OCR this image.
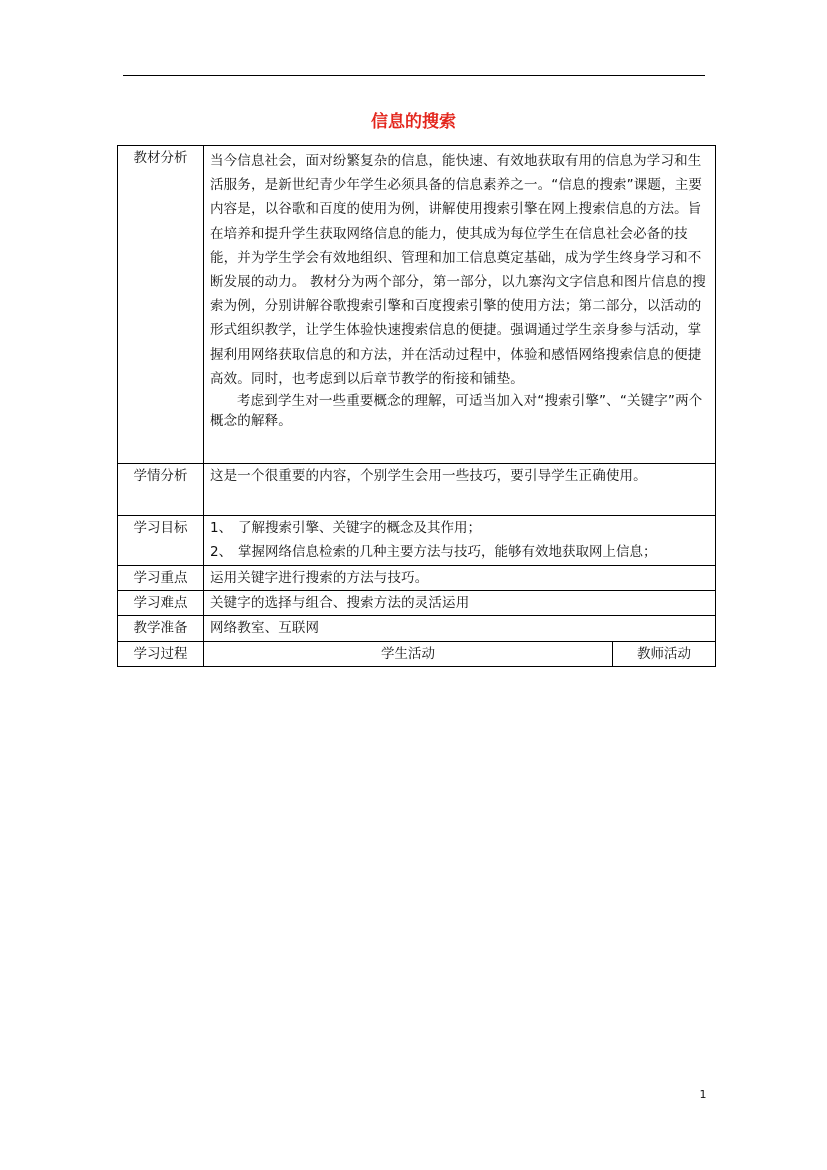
信息的搜索
教材分析	当今信息社会，面对纷繁复杂的信息，能快速、有效地获取有用的信息为学习和生活服务，是新世纪青少年学生必须具备的信息素养之一。“信息的搜索”课题，主要内容是，以谷歌和百度的使用为例，讲解使用搜索引擎在网上搜索信息的方法。旨在培养和提升学生获取网络信息的能力，使其成为每位学生在信息社会必备的技能，并为学生学会有效地组织、管理和加工信息奠定基础，成为学生终身学习和不断发展的动力。 教材分为两个部分，第一部分，以九寨沟文字信息和图片信息的搜索为例，分别讲解谷歌搜索引擎和百度搜索引擎的使用方法；第二部分，以活动的形式组织教学，让学生体验快速搜索信息的便捷。强调通过学生亲身参与活动，掌握利用网络获取信息的和方法，并在活动过程中，体验和感悟网络搜索信息的便捷高效。同时，也考虑到以后章节教学的衔接和铺垫。

考虑到学生对一些重要概念的理解，可适当加入对“搜索引擎”、“关键字”两个概念的解释。	

学情分析	这是一个很重要的内容，个别学生会用一些技巧，要引导学生正确使用。	

学习目标	1、 了解搜索引擎、关键字的概念及其作用；
2、 掌握网络信息检索的几种主要方法与技巧，能够有效地获取网上信息；	

学习重点	运用关键字进行搜索的方法与技巧。	

学习难点	关键字的选择与组合、搜索方法的灵活运用	

教学准备	网络教室、互联网	

学习过程	学生活动	教师活动
1
